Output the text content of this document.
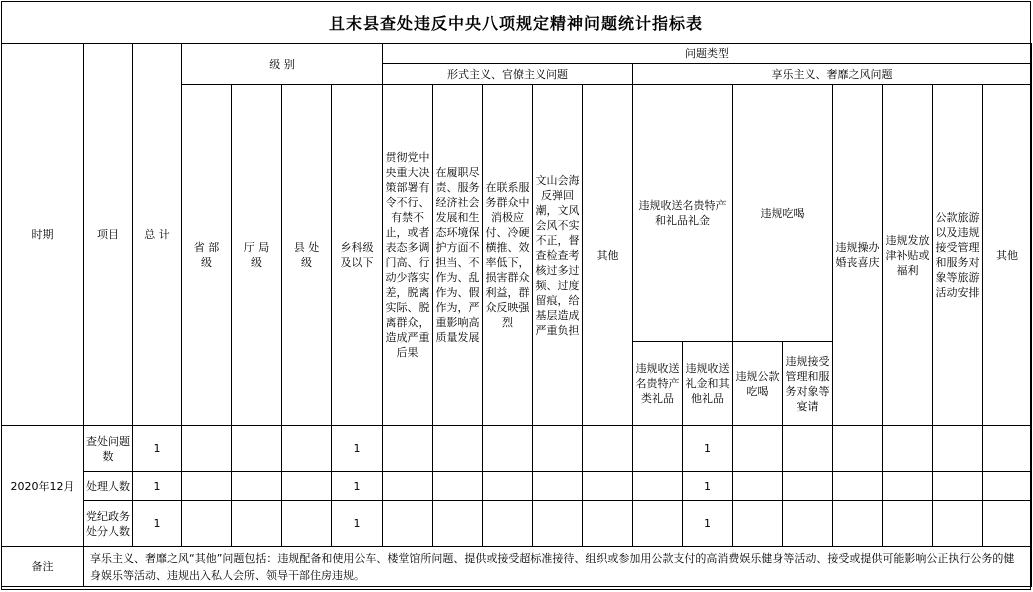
且末县查处违反中央八项规定精神问题统计指标表
时期	项目	总 计	级 别				问题类型												
							形式主义、官僚主义问题					享乐主义、奢靡之风问题							
			省 部
级	厅 局
级	县 处
级	乡科级
及以下	贯彻党中央重大决策部署有令不行、有禁不止，或者表态多调门高、行动少落实差，脱离实际、脱离群众，造成严重后果	在履职尽责、服务经济社会发展和生态环境保护方面不担当、不作为、乱作为、假作为，严重影响高质量发展	在联系服务群众中消极应付、冷硬横推、效率低下，损害群众利益，群众反映强烈	文山会海反弹回潮，文风会风不实不正，督查检查考核过多过频、过度留痕，给基层造成严重负担	其他	违规收送名贵特产和礼品礼金		违规吃喝		违规操办婚丧喜庆	违规发放津补贴或福利	公款旅游以及违规接受管理和服务对象等旅游活动安排	其他
												违规收送名贵特产类礼品	违规收送礼金和其他礼品	违规公款吃喝	违规接受管理和服务对象等宴请				
2020年12月	查处问题数	1				1							1						
	处理人数	1				1							1						
	党纪政务处分人数	1				1							1						
备注	享乐主义、奢靡之风“其他”问题包括：违规配备和使用公车、楼堂馆所问题、提供或接受超标准接待、组织或参加用公款支付的高消费娱乐健身等活动、接受或提供可能影响公正执行公务的健身娱乐等活动、违规出入私人会所、领导干部住房违规。																		
